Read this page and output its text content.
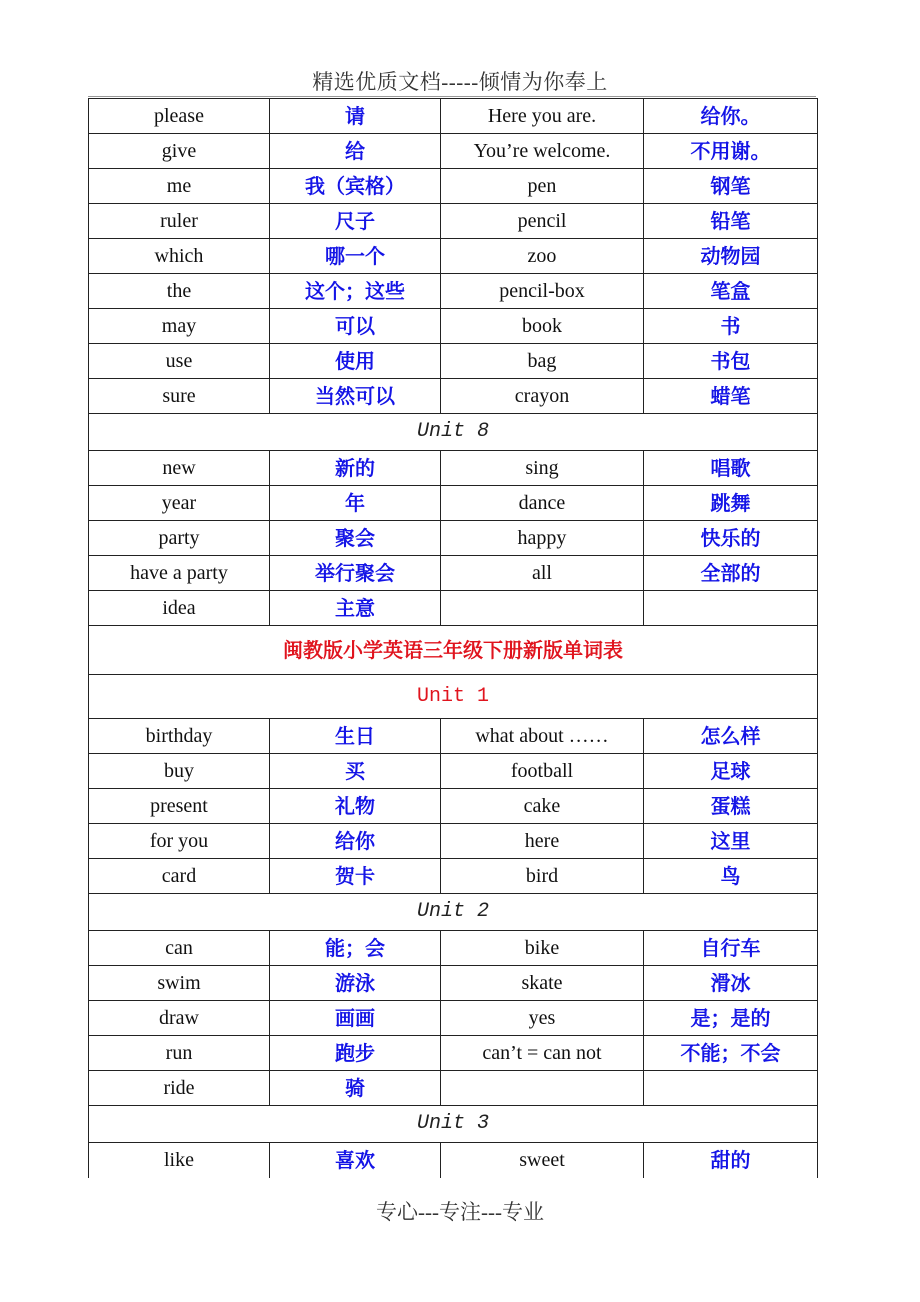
精选优质文档-----倾情为你奉上
please	请	Here you are.	给你。
give	给	You’re welcome.	不用谢。
me	我（宾格）	pen	钢笔
ruler	尺子	pencil	铅笔
which	哪一个	zoo	动物园
the	这个；这些	pencil-box	笔盒
may	可以	book	书
use	使用	bag	书包
sure	当然可以	crayon	蜡笔
Unit 8			
new	新的	sing	唱歌
year	年	dance	跳舞
party	聚会	happy	快乐的
have a party	举行聚会	all	全部的
idea	主意		
闽教版小学英语三年级下册新版单词表			
Unit 1			
birthday	生日	what about ……	怎么样
buy	买	football	足球
present	礼物	cake	蛋糕
for you	给你	here	这里
card	贺卡	bird	鸟
Unit 2			
can	能；会	bike	自行车
swim	游泳	skate	滑冰
draw	画画	yes	是；是的
run	跑步	can’t = can not	不能；不会
ride	骑		
Unit 3			
like	喜欢	sweet	甜的
专心---专注---专业
